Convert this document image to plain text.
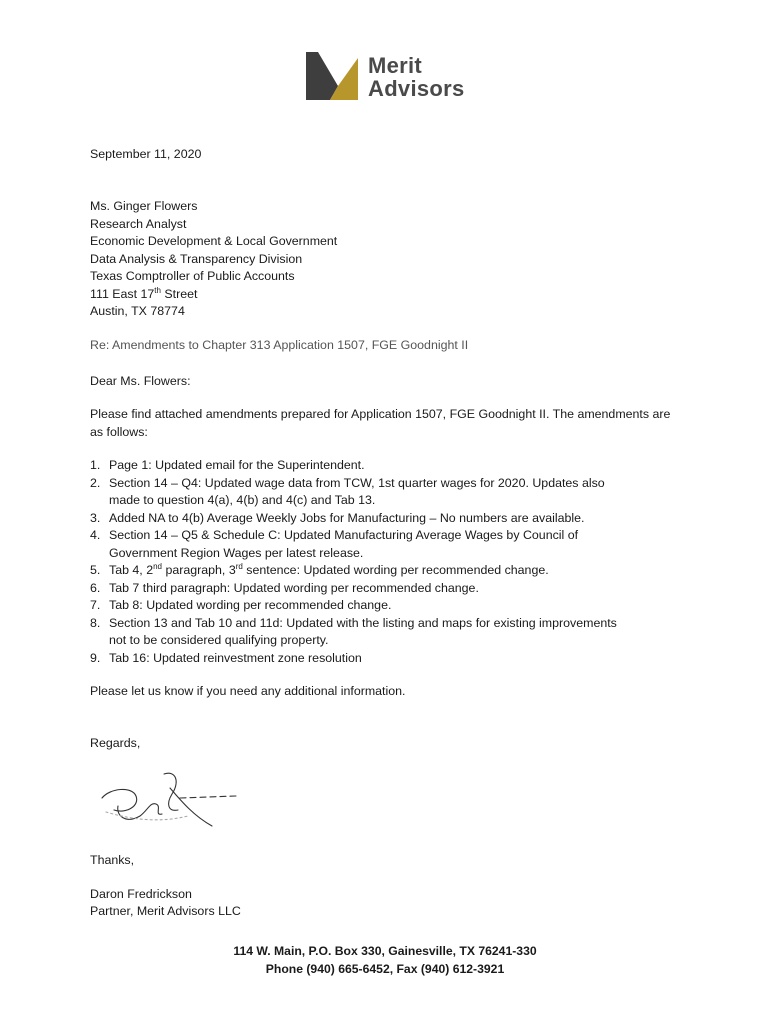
Merit
Advisors
September 11, 2020
Ms. Ginger Flowers
Research Analyst
Economic Development & Local Government
Data Analysis & Transparency Division
Texas Comptroller of Public Accounts
111 East 17th Street
Austin, TX 78774
Re: Amendments to Chapter 313 Application 1507, FGE Goodnight II
Dear Ms. Flowers:
Please find attached amendments prepared for Application 1507, FGE Goodnight II. The amendments are as follows:
1. Page 1: Updated email for the Superintendent.
2. Section 14 – Q4: Updated wage data from TCW, 1st quarter wages for 2020. Updates also
made to question 4(a), 4(b) and 4(c) and Tab 13.
3. Added NA to 4(b) Average Weekly Jobs for Manufacturing – No numbers are available.
4. Section 14 – Q5 & Schedule C: Updated Manufacturing Average Wages by Council of
Government Region Wages per latest release.
5. Tab 4, 2nd paragraph, 3rd sentence: Updated wording per recommended change.
6. Tab 7 third paragraph: Updated wording per recommended change.
7. Tab 8: Updated wording per recommended change.
8. Section 13 and Tab 10 and 11d: Updated with the listing and maps for existing improvements
not to be considered qualifying property.
9. Tab 16: Updated reinvestment zone resolution
Please let us know if you need any additional information.
Regards,
Thanks,
Daron Fredrickson
Partner, Merit Advisors LLC
114 W. Main, P.O. Box 330, Gainesville, TX 76241-330
Phone (940) 665-6452, Fax (940) 612-3921
